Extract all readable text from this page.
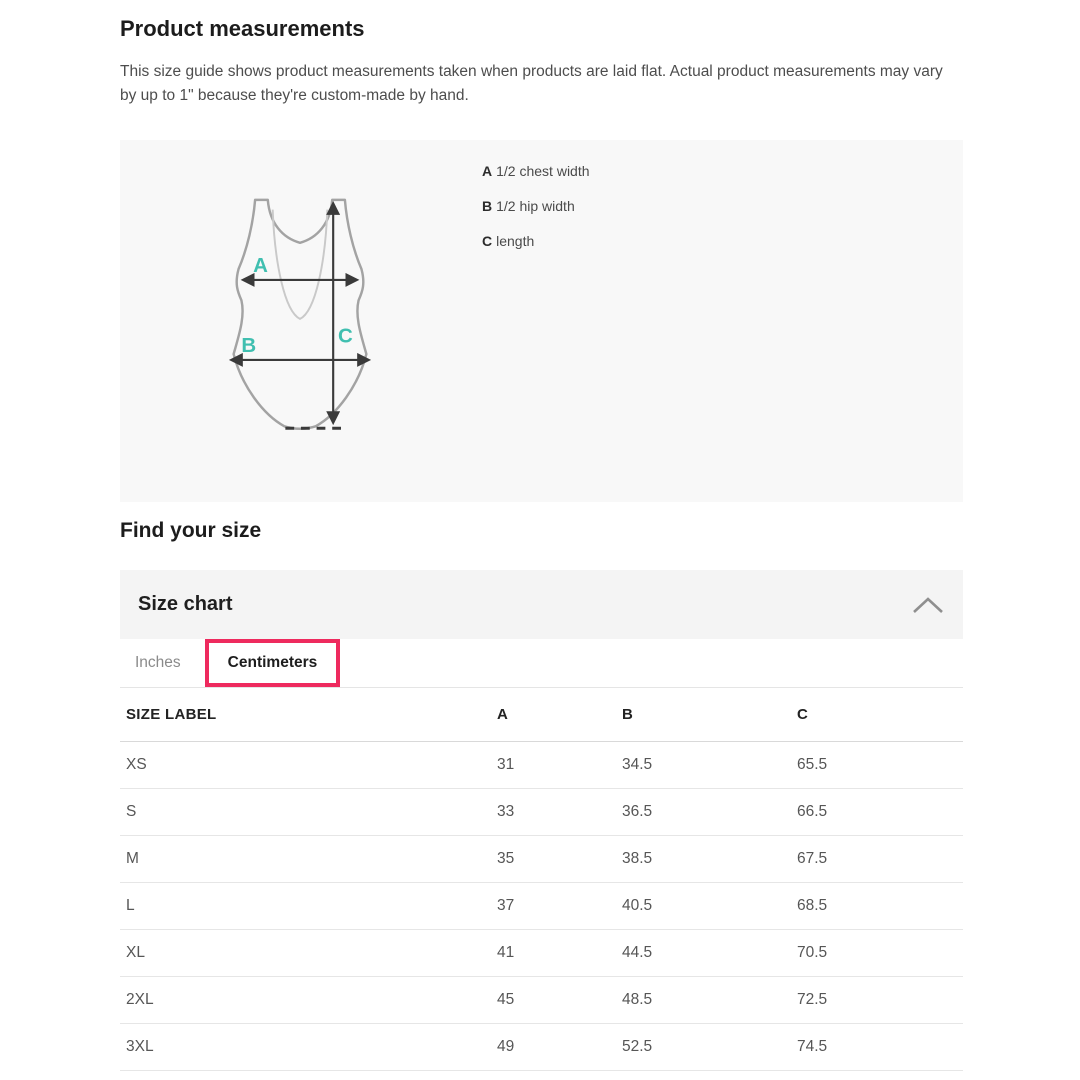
Product measurements

This size guide shows product measurements taken when products are laid flat. Actual product measurements may vary by up to 1" because they're custom-made by hand.

A
B	C
A 1/2 chest width
B 1/2 hip width
C length
Find your size
Size chart
Inches	Centimeters
SIZE LABEL	A	B	C
XS	31	34.5	65.5
S	33	36.5	66.5
M	35	38.5	67.5
L	37	40.5	68.5
XL	41	44.5	70.5
2XL	45	48.5	72.5
3XL	49	52.5	74.5
